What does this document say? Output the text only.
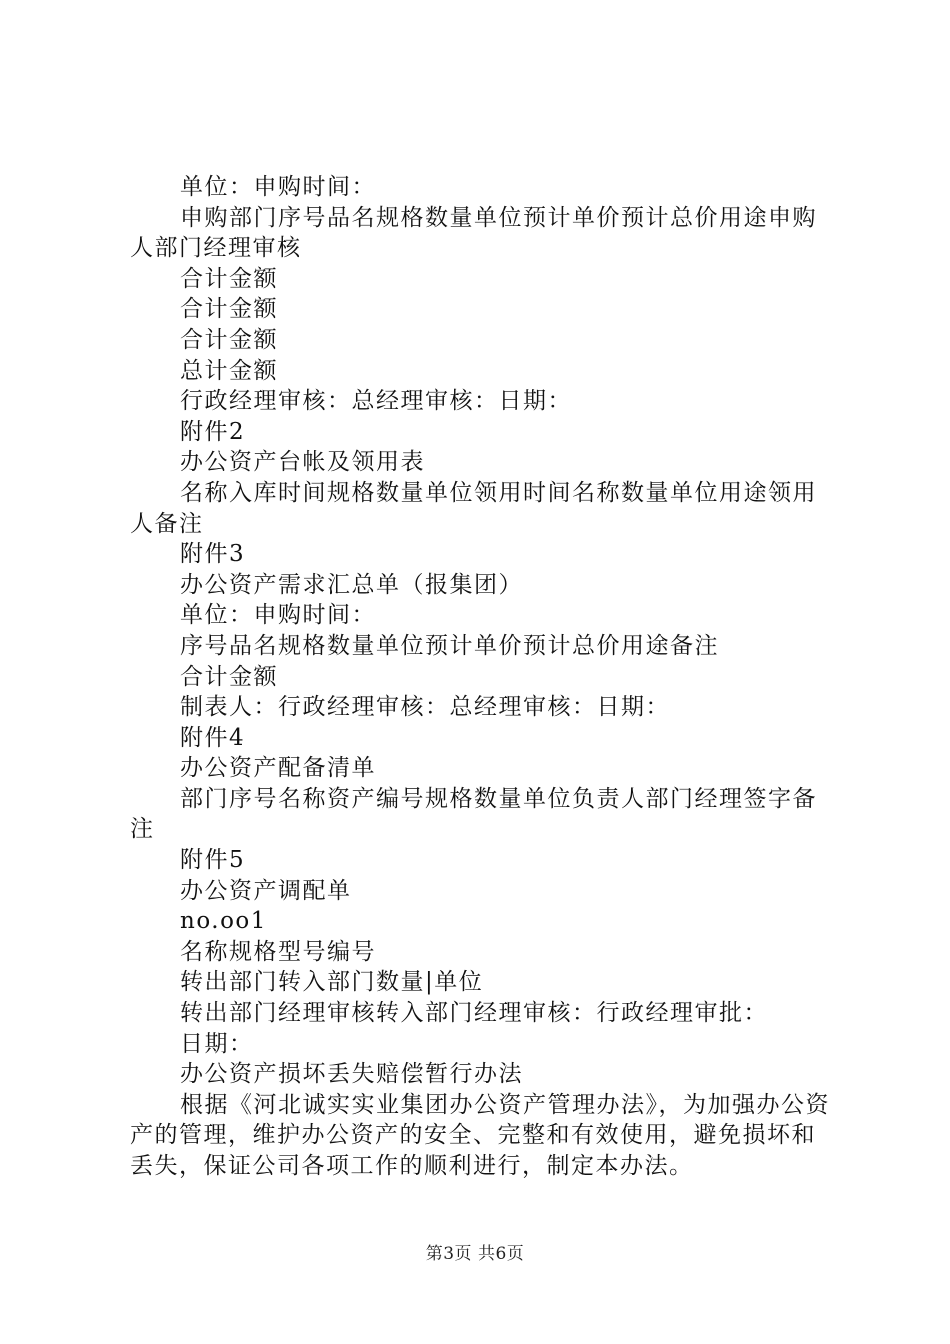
单位：申购时间：

申购部门序号品名规格数量单位预计单价预计总价用途申购人部门经理审核

合计金额

合计金额

合计金额

总计金额

行政经理审核：总经理审核：日期：

附件2

办公资产台帐及领用表

名称入库时间规格数量单位领用时间名称数量单位用途领用人备注

附件3

办公资产需求汇总单（报集团）

单位：申购时间：

序号品名规格数量单位预计单价预计总价用途备注

合计金额

制表人：行政经理审核：总经理审核：日期：

附件4

办公资产配备清单

部门序号名称资产编号规格数量单位负责人部门经理签字备注

附件5

办公资产调配单

no.oo1

名称规格型号编号

转出部门转入部门数量|单位

转出部门经理审核转入部门经理审核：行政经理审批：

日期：

办公资产损坏丢失赔偿暂行办法

根据《河北诚实实业集团办公资产管理办法》，为加强办公资产的管理，维护办公资产的安全、完整和有效使用，避免损坏和丢失，保证公司各项工作的顺利进行，制定本办法。

第3页 共6页
